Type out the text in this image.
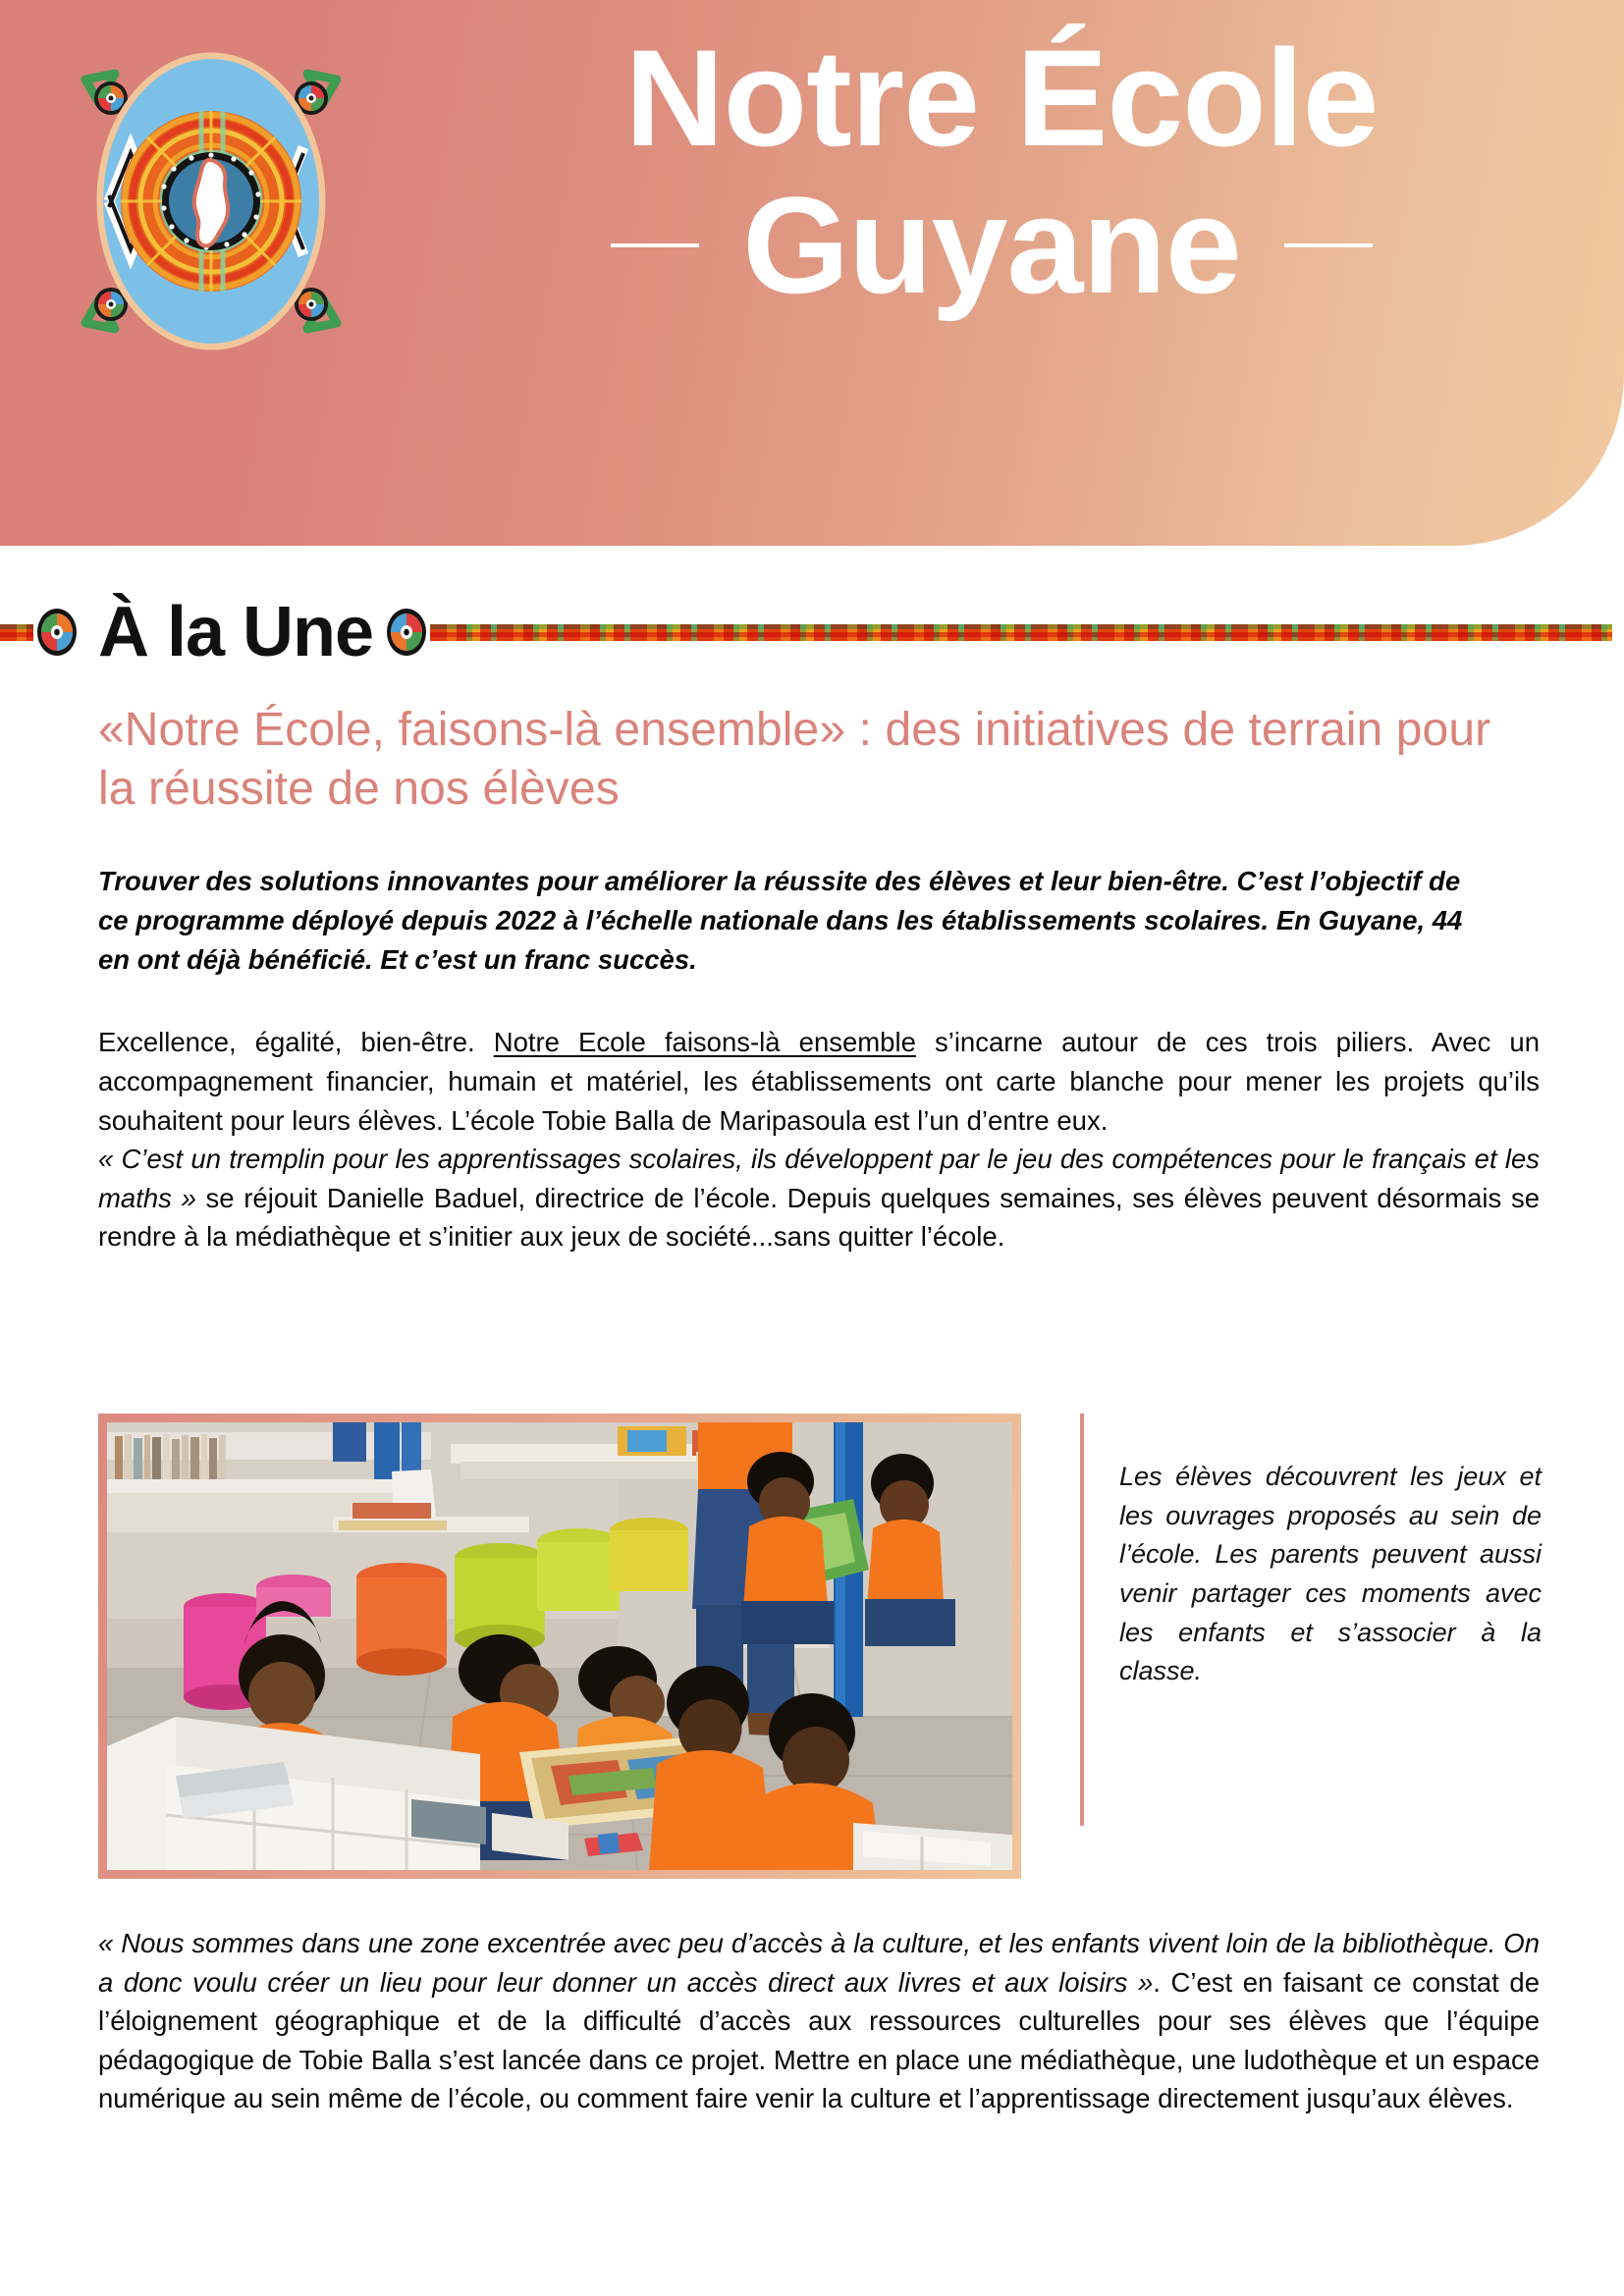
Notre École
Guyane
À la Une
«Notre École, faisons-là ensemble» : des initiatives de terrain pour la réussite de nos élèves

Trouver des solutions innovantes pour améliorer la réussite des élèves et leur bien-être. C’est l’objectif de ce programme déployé depuis 2022 à l’échelle nationale dans les établissements scolaires. En Guyane, 44 en ont déjà bénéficié. Et c’est un franc succès.

Excellence, égalité, bien-être. Notre Ecole faisons-là ensemble s’incarne autour de ces trois piliers. Avec un accompagnement financier, humain et matériel, les établissements ont carte blanche pour mener les projets qu’ils souhaitent pour leurs élèves. L’école Tobie Balla de Maripasoula est l’un d’entre eux.

« C’est un tremplin pour les apprentissages scolaires, ils développent par le jeu des compétences pour le français et les maths » se réjouit Danielle Baduel, directrice de l’école. Depuis quelques semaines, ses élèves peuvent désormais se rendre à la médiathèque et s’initier aux jeux de société...sans quitter l’école.

Les élèves découvrent les jeux et les ouvrages proposés au sein de l’école. Les parents peuvent aussi venir partager ces moments avec les enfants et s’associer à la classe.

« Nous sommes dans une zone excentrée avec peu d’accès à la culture, et les enfants vivent loin de la bibliothèque. On a donc voulu créer un lieu pour leur donner un accès direct aux livres et aux loisirs ». C’est en faisant ce constat de l’éloignement géographique et de la difficulté d’accès aux ressources culturelles pour ses élèves que l’équipe pédagogique de Tobie Balla s’est lancée dans ce projet. Mettre en place une médiathèque, une ludothèque et un espace numérique au sein même de l’école, ou comment faire venir la culture et l’apprentissage directement jusqu’aux élèves.
